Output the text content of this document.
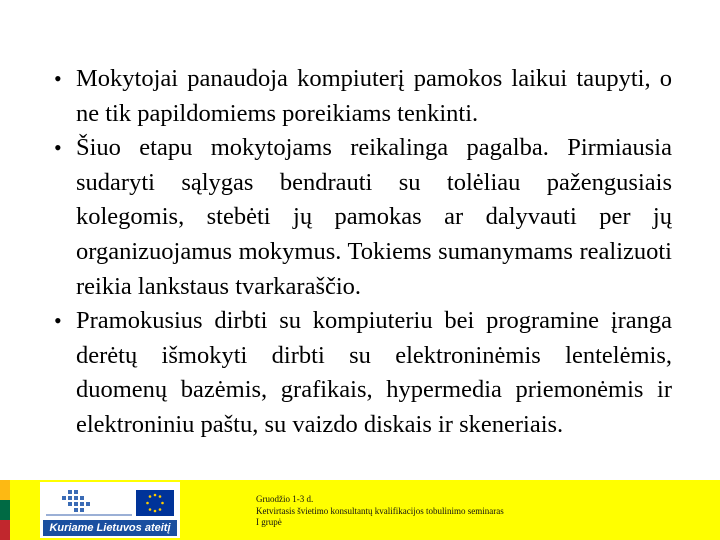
• Mokytojai panaudoja kompiuterį pamokos laikui taupyti, o ne tik papildomiems poreikiams tenkinti.
• Šiuo etapu mokytojams reikalinga pagalba. Pirmiausia sudaryti sąlygas bendrauti su tolėliau pažengusiais kolegomis, stebėti jų pamokas ar dalyvauti per jų organizuojamus mokymus. Tokiems sumanymams realizuoti reikia lankstaus tvarkaraščio.
• Pramokusius dirbti su kompiuteriu bei programine įranga derėtų išmokyti dirbti su elektroninėmis lentelėmis, duomenų bazėmis, grafikais, hypermedia priemonėmis ir elektroniniu paštu, su vaizdo diskais ir skeneriais.
Kuriame Lietuvos ateitį
Gruodžio 1-3 d.
Ketvirtasis švietimo konsultantų kvalifikacijos tobulinimo seminaras
I grupė
